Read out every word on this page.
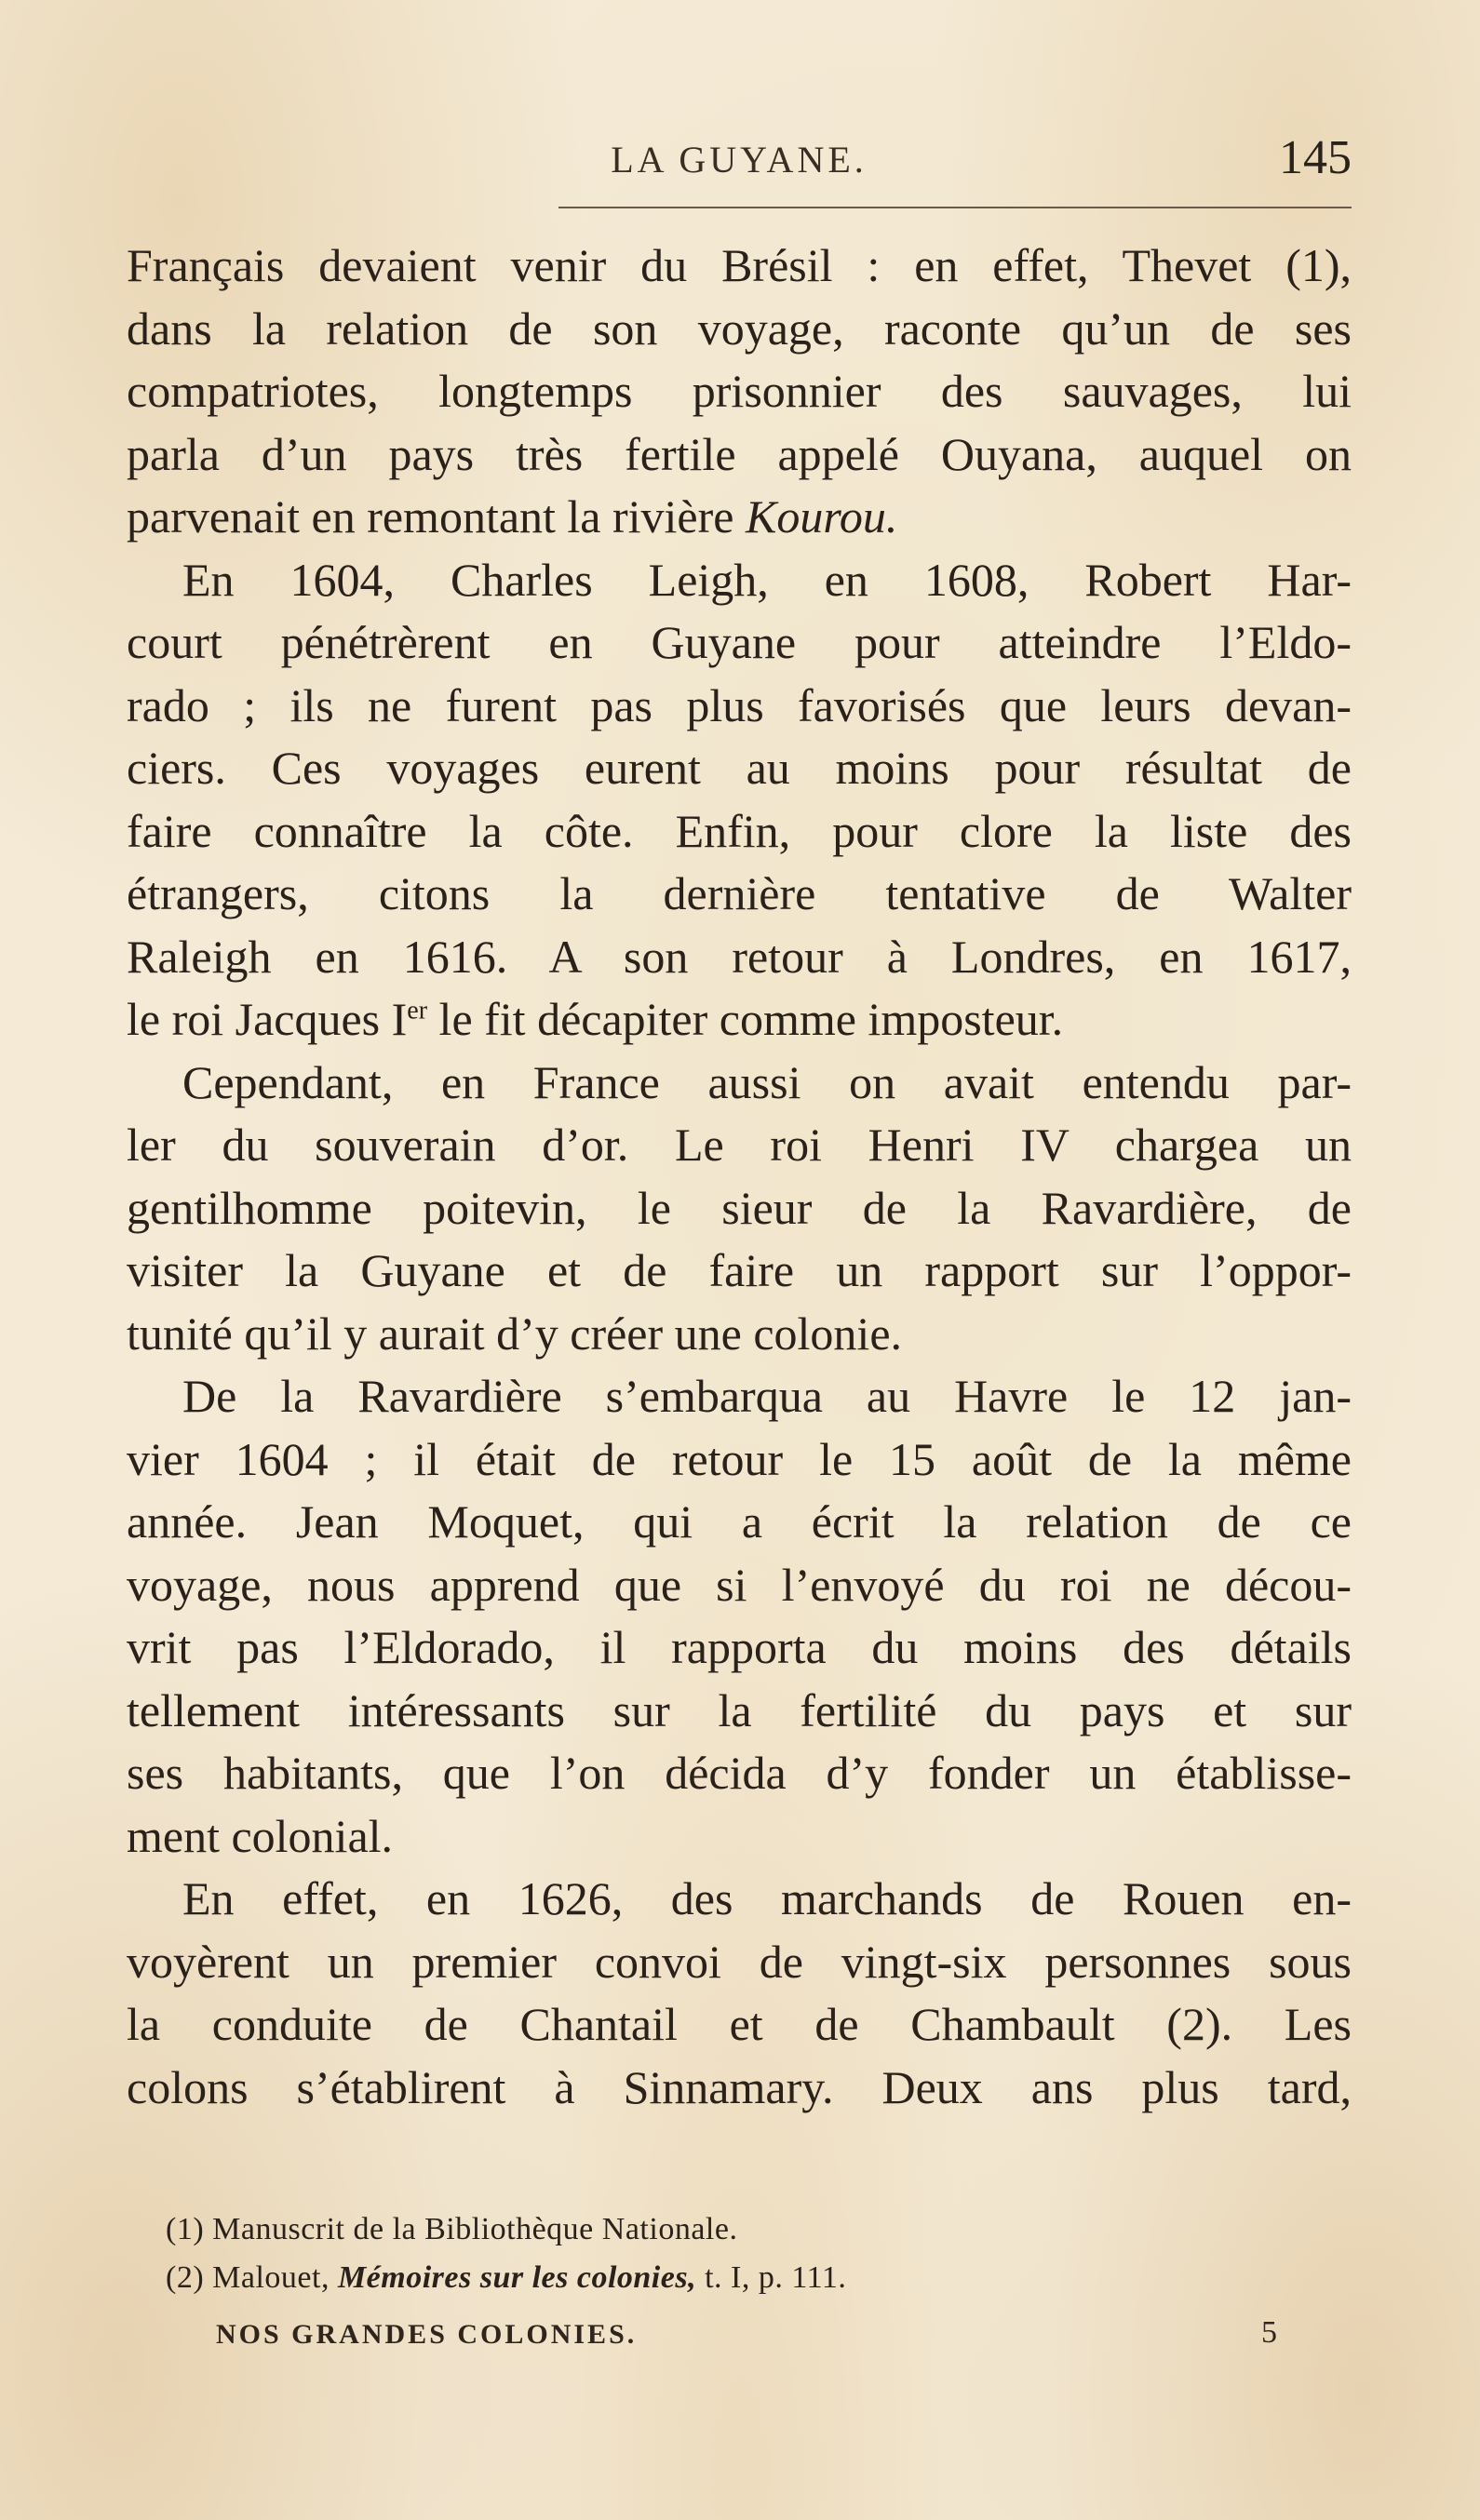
LA GUYANE.	145
Français devaient venir du Brésil : en effet, Thevet (1),
dans la relation de son voyage, raconte qu’un de ses
compatriotes, longtemps prisonnier des sauvages, lui
parla d’un pays très fertile appelé Ouyana, auquel on
parvenait en remontant la rivière Kourou.
En 1604, Charles Leigh, en 1608, Robert Har-
court pénétrèrent en Guyane pour atteindre l’Eldo-
rado ; ils ne furent pas plus favorisés que leurs devan-
ciers. Ces voyages eurent au moins pour résultat de
faire connaître la côte. Enfin, pour clore la liste des
étrangers, citons la dernière tentative de Walter
Raleigh en 1616. A son retour à Londres, en 1617,
le roi Jacques Ier le fit décapiter comme imposteur.
Cependant, en France aussi on avait entendu par-
ler du souverain d’or. Le roi Henri IV chargea un
gentilhomme poitevin, le sieur de la Ravardière, de
visiter la Guyane et de faire un rapport sur l’oppor-
tunité qu’il y aurait d’y créer une colonie.
De la Ravardière s’embarqua au Havre le 12 jan-
vier 1604 ; il était de retour le 15 août de la même
année. Jean Moquet, qui a écrit la relation de ce
voyage, nous apprend que si l’envoyé du roi ne décou-
vrit pas l’Eldorado, il rapporta du moins des détails
tellement intéressants sur la fertilité du pays et sur
ses habitants, que l’on décida d’y fonder un établisse-
ment colonial.
En effet, en 1626, des marchands de Rouen en-
voyèrent un premier convoi de vingt-six personnes sous
la conduite de Chantail et de Chambault (2). Les
colons s’établirent à Sinnamary. Deux ans plus tard,
(1) Manuscrit de la Bibliothèque Nationale.
(2) Malouet, Mémoires sur les colonies, t. I, p. 111.
NOS GRANDES COLONIES.	5
